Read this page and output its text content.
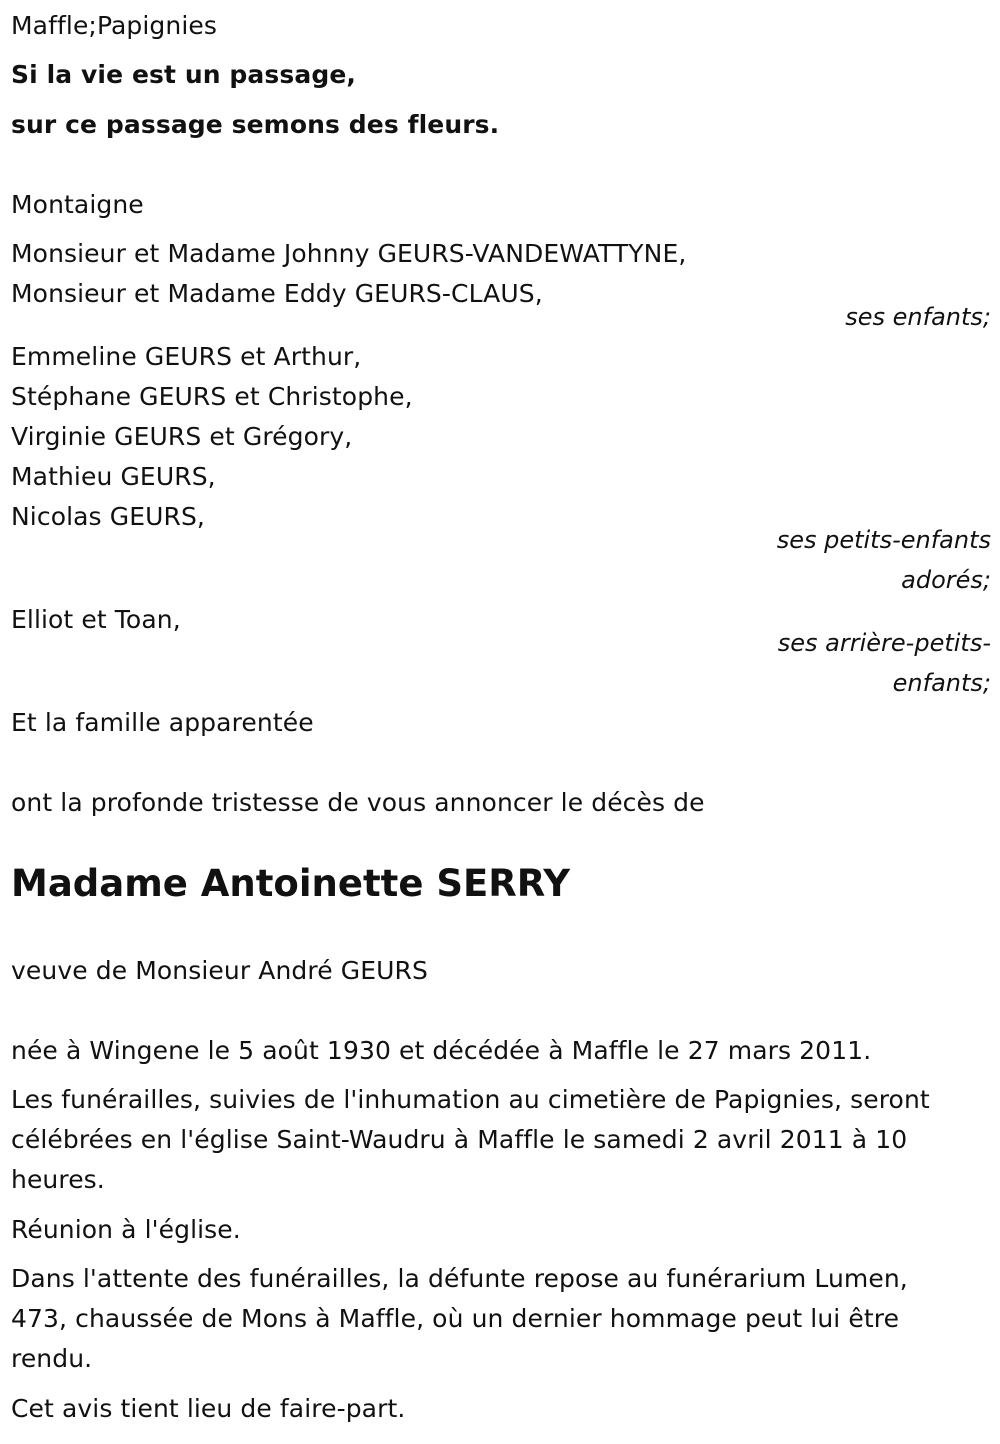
Maffle;Papignies
Si la vie est un passage,
sur ce passage semons des fleurs.
Montaigne
Monsieur et Madame Johnny GEURS-VANDEWATTYNE,
Monsieur et Madame Eddy GEURS-CLAUS,
ses enfants;
Emmeline GEURS et Arthur,
Stéphane GEURS et Christophe,
Virginie GEURS et Grégory,
Mathieu GEURS,
Nicolas GEURS,
ses petits-enfants
adorés;
Elliot et Toan,
ses arrière-petits-
enfants;
Et la famille apparentée
ont la profonde tristesse de vous annoncer le décès de
Madame Antoinette SERRY
veuve de Monsieur André GEURS
née à Wingene le 5 août 1930 et décédée à Maffle le 27 mars 2011.
Les funérailles, suivies de l'inhumation au cimetière de Papignies, seront
célébrées en l'église Saint-Waudru à Maffle le samedi 2 avril 2011 à 10
heures.
Réunion à l'église.
Dans l'attente des funérailles, la défunte repose au funérarium Lumen,
473, chaussée de Mons à Maffle, où un dernier hommage peut lui être
rendu.
Cet avis tient lieu de faire-part.
